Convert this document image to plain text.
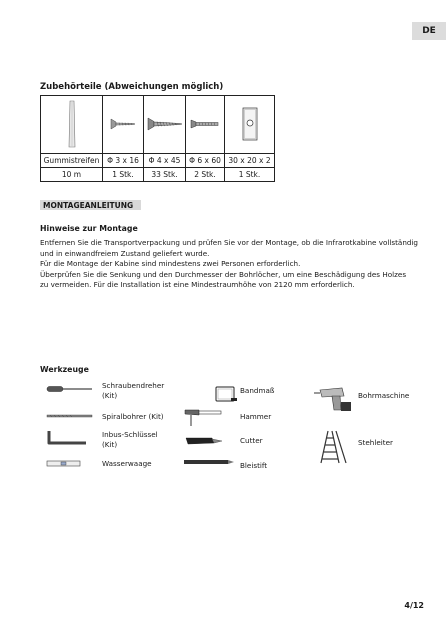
DE
Zubehörteile (Abweichungen möglich)

Gummistreifen	Φ 3 x 16	Φ 4 x 45	Φ 6 x 60	30 x 20 x 2
10 m	1 Stk.	33 Stk.	2 Stk.	1 Stk.
MONTAGEANLEITUNG
Hinweise zur Montage
Entfernen Sie die Transportverpackung und prüfen Sie vor der Montage, ob die Infrarotkabine vollständig
und in einwandfreiem Zustand geliefert wurde.
Für die Montage der Kabine sind mindestens zwei Personen erforderlich.
Überprüfen Sie die Senkung und den Durchmesser der Bohrlöcher, um eine Beschädigung des Holzes
zu vermeiden. Für die Installation ist eine Mindestraumhöhe von 2120 mm erforderlich.
Werkzeuge
Schraubendreher
(Kit)
Bandmaß
Bohrmaschine
Spiralbohrer (Kit)	Hammer
Inbus-Schlüssel
(Kit)	Cutter	Stehleiter
Wasserwaage	Bleistift
4/12
